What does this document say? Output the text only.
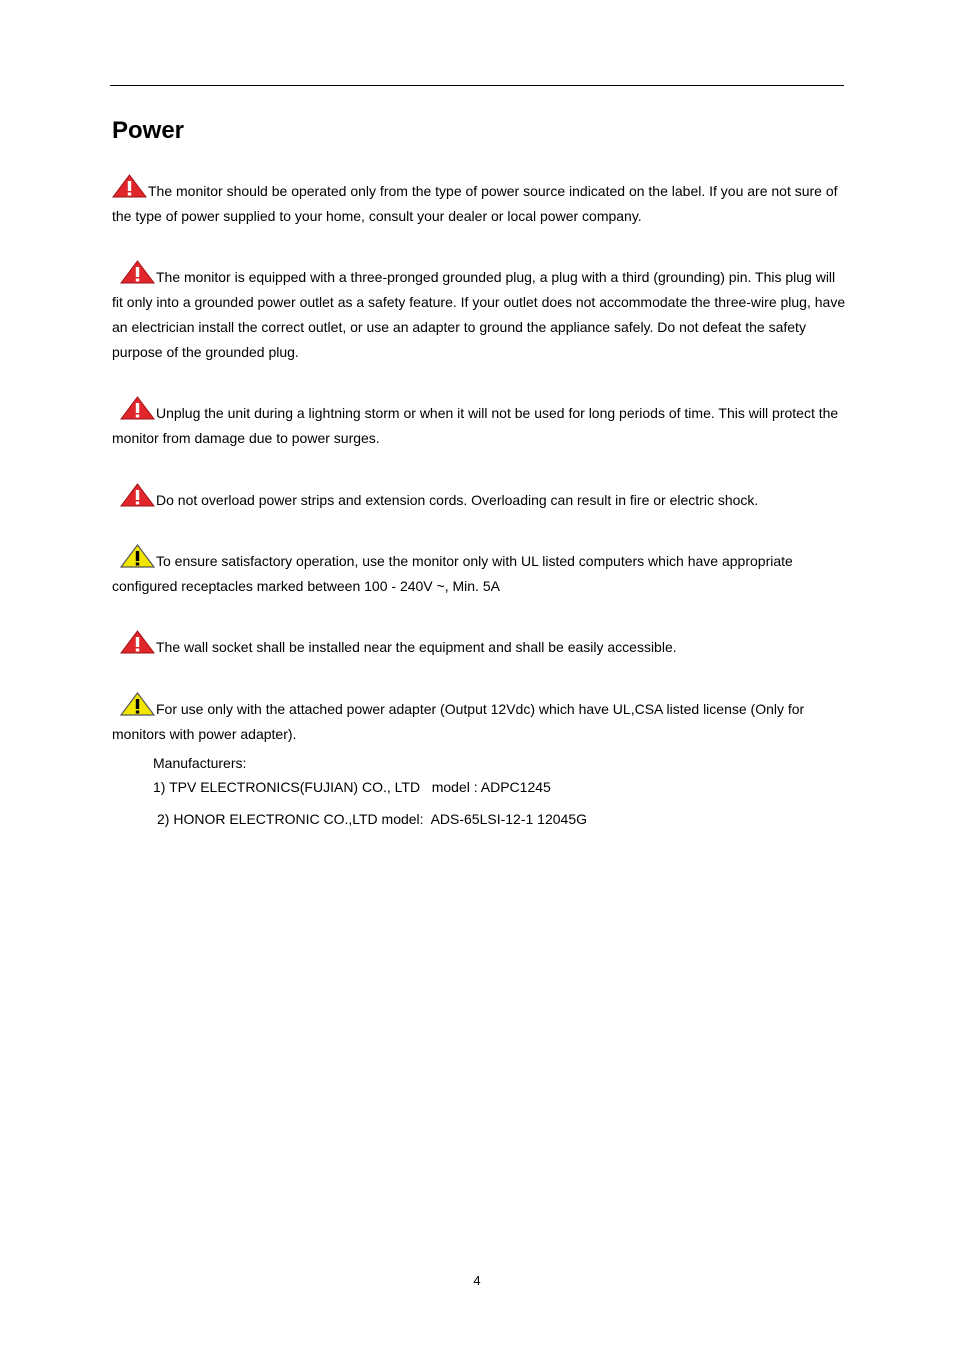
Power

The monitor should be operated only from the type of power source indicated on the label. If you are not sure of the type of power supplied to your home, consult your dealer or local power company.

The monitor is equipped with a three-pronged grounded plug, a plug with a third (grounding) pin. This plug will fit only into a grounded power outlet as a safety feature. If your outlet does not accommodate the three-wire plug, have an electrician install the correct outlet, or use an adapter to ground the appliance safely. Do not defeat the safety purpose of the grounded plug.

Unplug the unit during a lightning storm or when it will not be used for long periods of time. This will protect the monitor from damage due to power surges.

Do not overload power strips and extension cords. Overloading can result in fire or electric shock.

To ensure satisfactory operation, use the monitor only with UL listed computers which have appropriate configured receptacles marked between 100 - 240V ~, Min. 5A

The wall socket shall be installed near the equipment and shall be easily accessible.

For use only with the attached power adapter (Output 12Vdc) which have UL,CSA listed license (Only for monitors with power adapter).

Manufacturers:
1) TPV ELECTRONICS(FUJIAN) CO., LTD   model : ADPC1245
2) HONOR ELECTRONIC CO.,LTD model:  ADS-65LSI-12-1 12045G
4
